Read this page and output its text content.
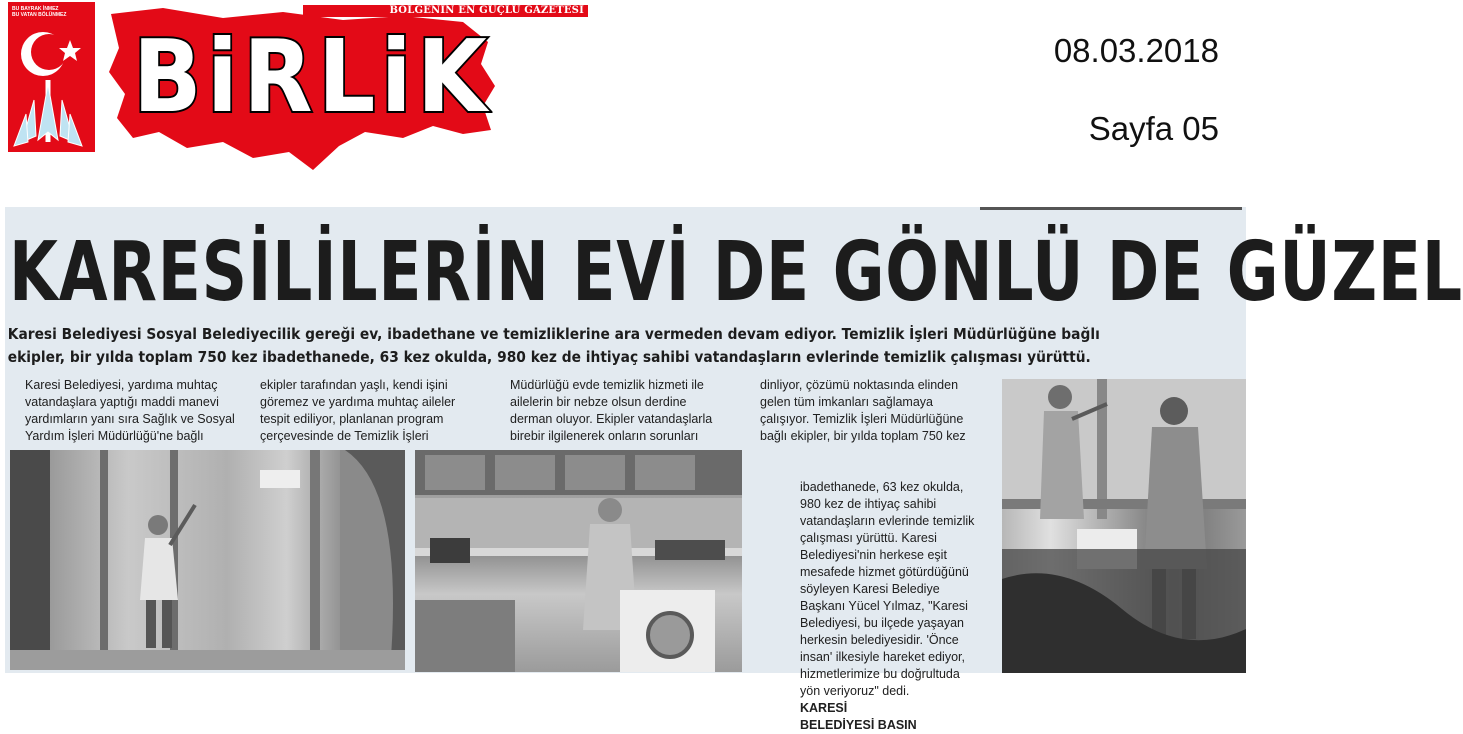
BU BAYRAK İNMEZ
BU VATAN BÖLÜNMEZ	BÖLGENİN EN GÜÇLÜ GAZETESİ
BiRLiK	08.03.2018
Sayfa 05
KARESİLİLERİN EVİ DE GÖNLÜ DE GÜZEL
Karesi Belediyesi Sosyal Belediyecilik gereği ev, ibadethane ve temizliklerine ara vermeden devam ediyor. Temizlik İşleri Müdürlüğüne bağlı
ekipler, bir yılda toplam 750 kez ibadethanede, 63 kez okulda, 980 kez de ihtiyaç sahibi vatandaşların evlerinde temizlik çalışması yürüttü.
Karesi Belediyesi, yardıma muhtaç
vatandaşlara yaptığı maddi manevi
yardımların yanı sıra Sağlık ve Sosyal
Yardım İşleri Müdürlüğü'ne bağlı
ekipler tarafından yaşlı, kendi işini
göremez ve yardıma muhtaç aileler
tespit ediliyor, planlanan program
çerçevesinde de Temizlik İşleri
Müdürlüğü evde temizlik hizmeti ile
ailelerin bir nebze olsun derdine
derman oluyor. Ekipler vatandaşlarla
birebir ilgilenerek onların sorunları
dinliyor, çözümü noktasında elinden
gelen tüm imkanları sağlamaya
çalışıyor. Temizlik İşleri Müdürlüğüne
bağlı ekipler, bir yılda toplam 750 kez
ibadethanede, 63 kez okulda,
980 kez de ihtiyaç sahibi
vatandaşların evlerinde temizlik
çalışması yürüttü. Karesi
Belediyesi'nin herkese eşit
mesafede hizmet götürdüğünü
söyleyen Karesi Belediye
Başkanı Yücel Yılmaz, "Karesi
Belediyesi, bu ilçede yaşayan
herkesin belediyesidir. 'Önce
insan' ilkesiyle hareket ediyor,
hizmetlerimize bu doğrultuda
yön veriyoruz" dedi.
KARESİ
BELEDİYESİ BASIN
